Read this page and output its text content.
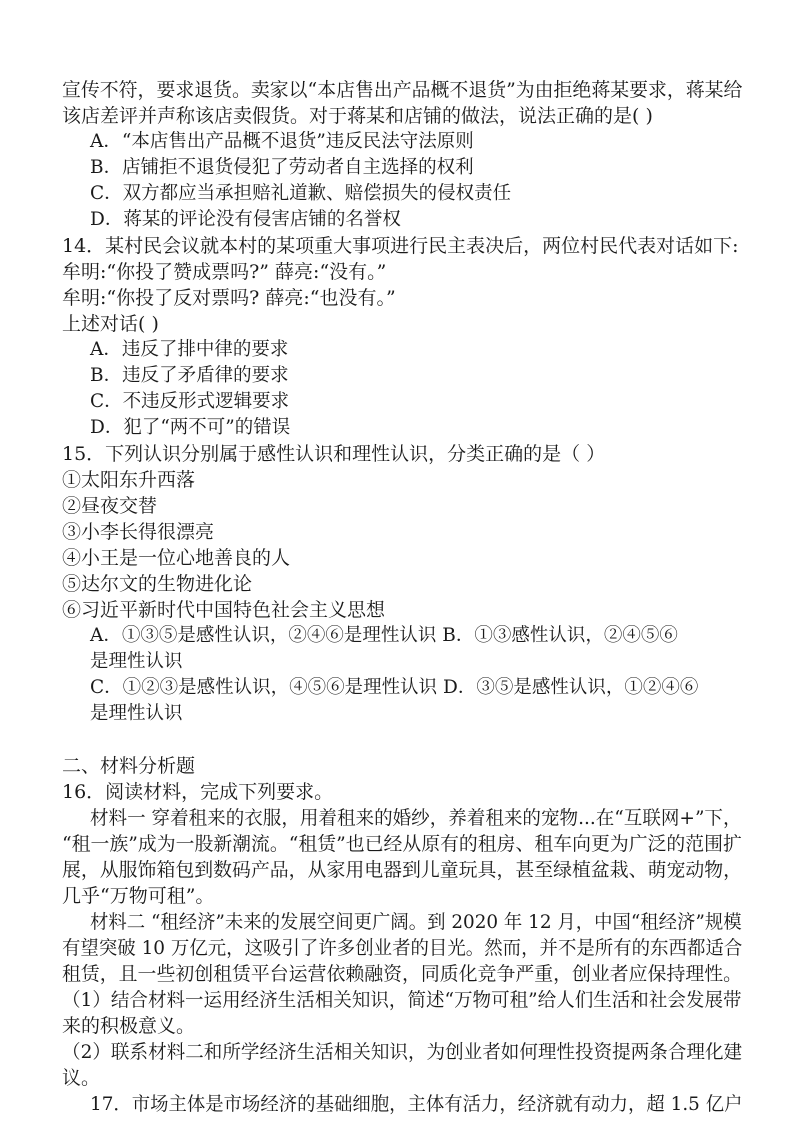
宣传不符，要求退货。卖家以“本店售出产品概不退货”为由拒绝蒋某要求，蒋某给
该店差评并声称该店卖假货。对于蒋某和店铺的做法，说法正确的是( )
A．“本店售出产品概不退货”违反民法守法原则
B．店铺拒不退货侵犯了劳动者自主选择的权利
C．双方都应当承担赔礼道歉、赔偿损失的侵权责任
D．蒋某的评论没有侵害店铺的名誉权
14．某村民会议就本村的某项重大事项进行民主表决后，两位村民代表对话如下:
牟明:“你投了赞成票吗?” 薛亮:“没有。”
牟明:“你投了反对票吗? 薛亮:“也没有。”
上述对话( )
A．违反了排中律的要求
B．违反了矛盾律的要求
C．不违反形式逻辑要求
D．犯了“两不可”的错误
15．下列认识分别属于感性认识和理性认识，分类正确的是（ ）
①太阳东升西落
②昼夜交替
③小李长得很漂亮
④小王是一位心地善良的人
⑤达尔文的生物进化论
⑥习近平新时代中国特色社会主义思想
A．①③⑤是感性认识，②④⑥是理性认识 B．①③感性认识，②④⑤⑥
是理性认识
C．①②③是感性认识，④⑤⑥是理性认识 D．③⑤是感性认识，①②④⑥
是理性认识
二、材料分析题
16．阅读材料，完成下列要求。
材料一 穿着租来的衣服，用着租来的婚纱，养着租来的宠物...在“互联网+”下，
“租一族”成为一股新潮流。“租赁”也已经从原有的租房、租车向更为广泛的范围扩
展，从服饰箱包到数码产品，从家用电器到儿童玩具，甚至绿植盆栽、萌宠动物，
几乎“万物可租”。
材料二 “租经济”未来的发展空间更广阔。到 2020 年 12 月，中国“租经济”规模
有望突破 10 万亿元，这吸引了许多创业者的目光。然而，并不是所有的东西都适合
租赁，且一些初创租赁平台运营依赖融资，同质化竞争严重，创业者应保持理性。
（1）结合材料一运用经济生活相关知识，简述“万物可租”给人们生活和社会发展带
来的积极意义。
（2）联系材料二和所学经济生活相关知识，为创业者如何理性投资提两条合理化建
议。
17．市场主体是市场经济的基础细胞，主体有活力，经济就有动力，超 1.5 亿户
